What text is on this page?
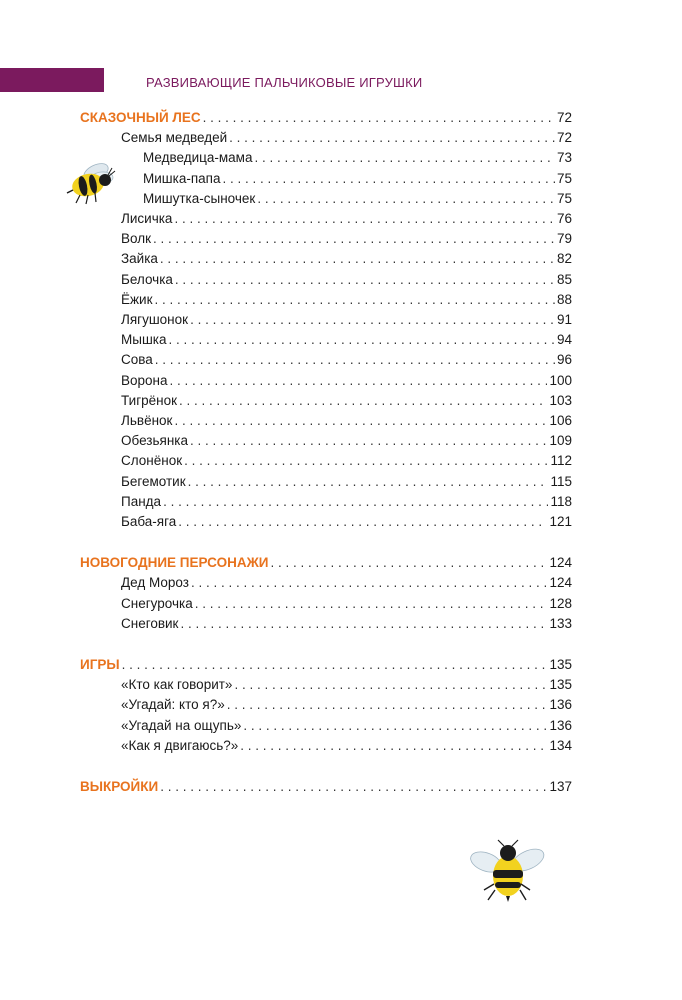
РАЗВИВАЮЩИЕ ПАЛЬЧИКОВЫЕ ИГРУШКИ
СКАЗОЧНЫЙ ЛЕС . . .	72
Семья медведей . . .	72
Медведица-мама . . .	73
Мишка-папа . . .	75
Мишутка-сыночек . . .	75
Лисичка . . .	76
Волк . . .	79
Зайка . . .	82
Белочка . . .	85
Ёжик . . .	88
Лягушонок . . .	91
Мышка . . .	94
Сова . . .	96
Ворона . . .	100
Тигрёнок . . .	103
Львёнок . . .	106
Обезьянка . . .	109
Слонёнок . . .	112
Бегемотик . . .	115
Панда . . .	118
Баба-яга . . .	121
НОВОГОДНИЕ ПЕРСОНАЖИ . . .	124
Дед Мороз . . .	124
Снегурочка . . .	128
Снеговик . . .	133
ИГРЫ . . .	135
«Кто как говорит» . . .	135
«Угадай: кто я?» . . .	136
«Угадай на ощупь» . . .	136
«Как я двигаюсь?» . . .	134
ВЫКРОЙКИ . . .	137
